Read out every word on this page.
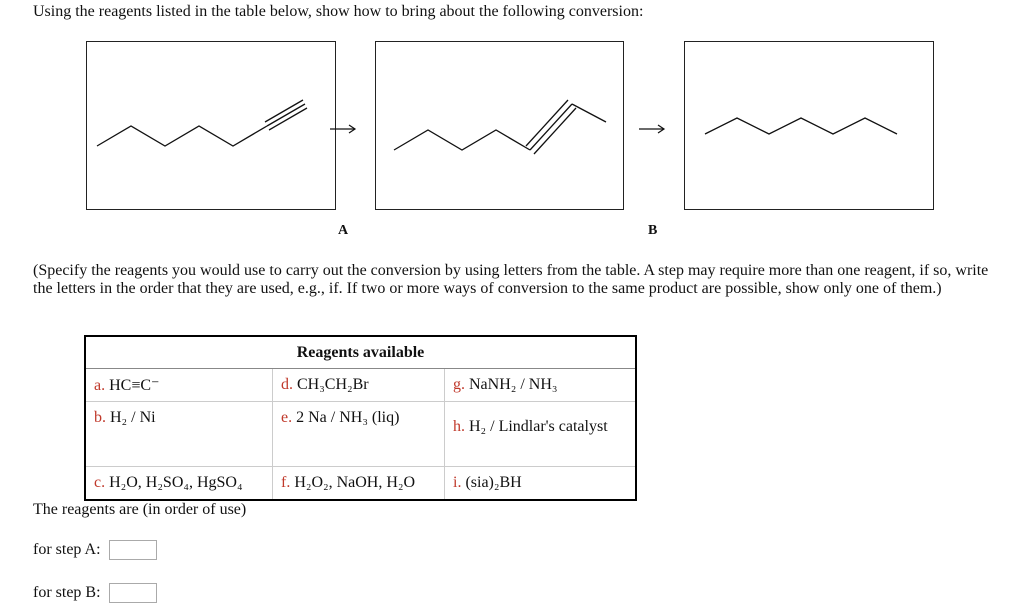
Using the reagents listed in the table below, show how to bring about the following conversion:
A	B
(Specify the reagents you would use to carry out the conversion by using letters from the table. A step may require more than one reagent, if so, write the letters in the order that they are used, e.g., if. If two or more ways of conversion to the same product are possible, show only one of them.)
Reagents available		
a. HC≡C⁻	d. CH₃CH₂Br	g. NaNH₂ / NH₃
b. H₂ / Ni	e. 2 Na / NH₃ (liq)	h. H₂ / Lindlar's catalyst
c. H₂O, H₂SO₄, HgSO₄	f. H₂O₂, NaOH, H₂O	i. (sia)₂BH
The reagents are (in order of use)
for step A:
for step B:
